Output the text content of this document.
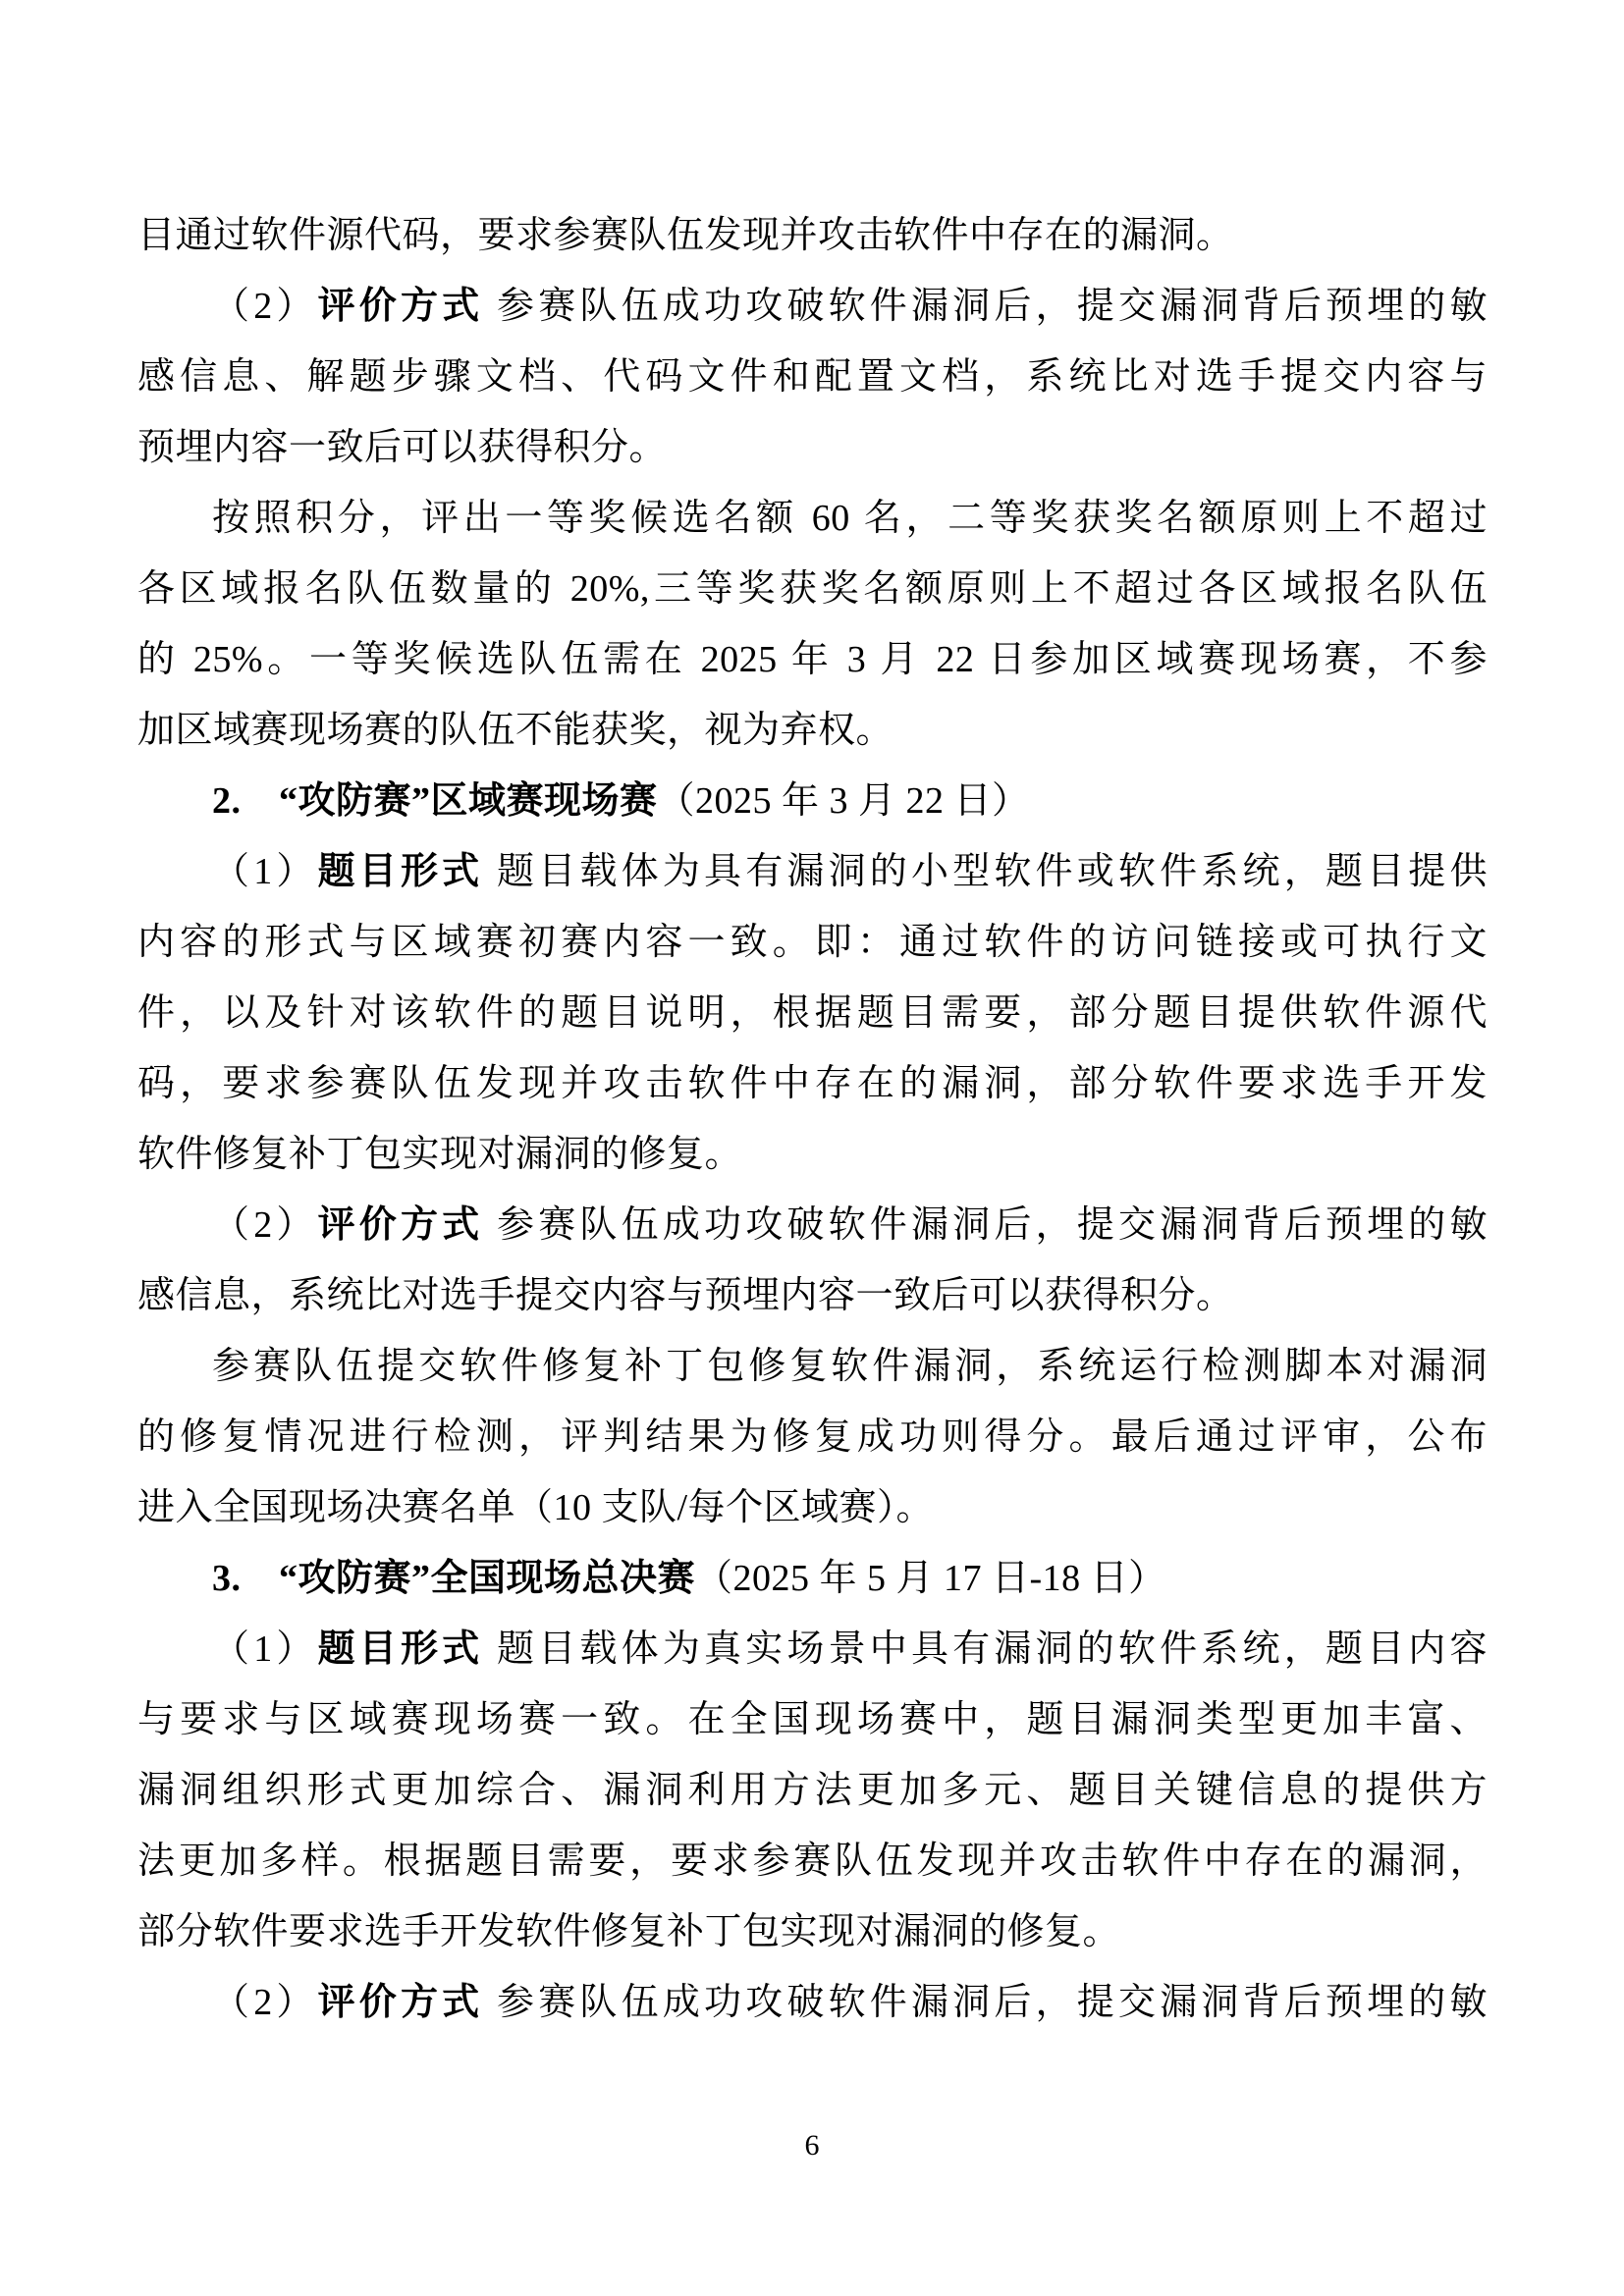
目通过软件源代码，要求参赛队伍发现并攻击软件中存在的漏洞。
（2）评价方式 参赛队伍成功攻破软件漏洞后，提交漏洞背后预埋的敏
感信息、解题步骤文档、代码文件和配置文档，系统比对选手提交内容与
预埋内容一致后可以获得积分。
按照积分，评出一等奖候选名额 60 名，二等奖获奖名额原则上不超过
各区域报名队伍数量的 20%,三等奖获奖名额原则上不超过各区域报名队伍
的 25%。一等奖候选队伍需在 2025 年 3 月 22 日参加区域赛现场赛，不参
加区域赛现场赛的队伍不能获奖，视为弃权。
2.　“攻防赛”区域赛现场赛（2025 年 3 月 22 日）
（1）题目形式 题目载体为具有漏洞的小型软件或软件系统，题目提供
内容的形式与区域赛初赛内容一致。即：通过软件的访问链接或可执行文
件，以及针对该软件的题目说明，根据题目需要，部分题目提供软件源代
码，要求参赛队伍发现并攻击软件中存在的漏洞，部分软件要求选手开发
软件修复补丁包实现对漏洞的修复。
（2）评价方式 参赛队伍成功攻破软件漏洞后，提交漏洞背后预埋的敏
感信息，系统比对选手提交内容与预埋内容一致后可以获得积分。
参赛队伍提交软件修复补丁包修复软件漏洞，系统运行检测脚本对漏洞
的修复情况进行检测，评判结果为修复成功则得分。最后通过评审，公布
进入全国现场决赛名单（10 支队/每个区域赛）。
3.　“攻防赛”全国现场总决赛（2025 年 5 月 17 日-18 日）
（1）题目形式 题目载体为真实场景中具有漏洞的软件系统，题目内容
与要求与区域赛现场赛一致。在全国现场赛中，题目漏洞类型更加丰富、
漏洞组织形式更加综合、漏洞利用方法更加多元、题目关键信息的提供方
法更加多样。根据题目需要，要求参赛队伍发现并攻击软件中存在的漏洞，
部分软件要求选手开发软件修复补丁包实现对漏洞的修复。
（2）评价方式 参赛队伍成功攻破软件漏洞后，提交漏洞背后预埋的敏
6
